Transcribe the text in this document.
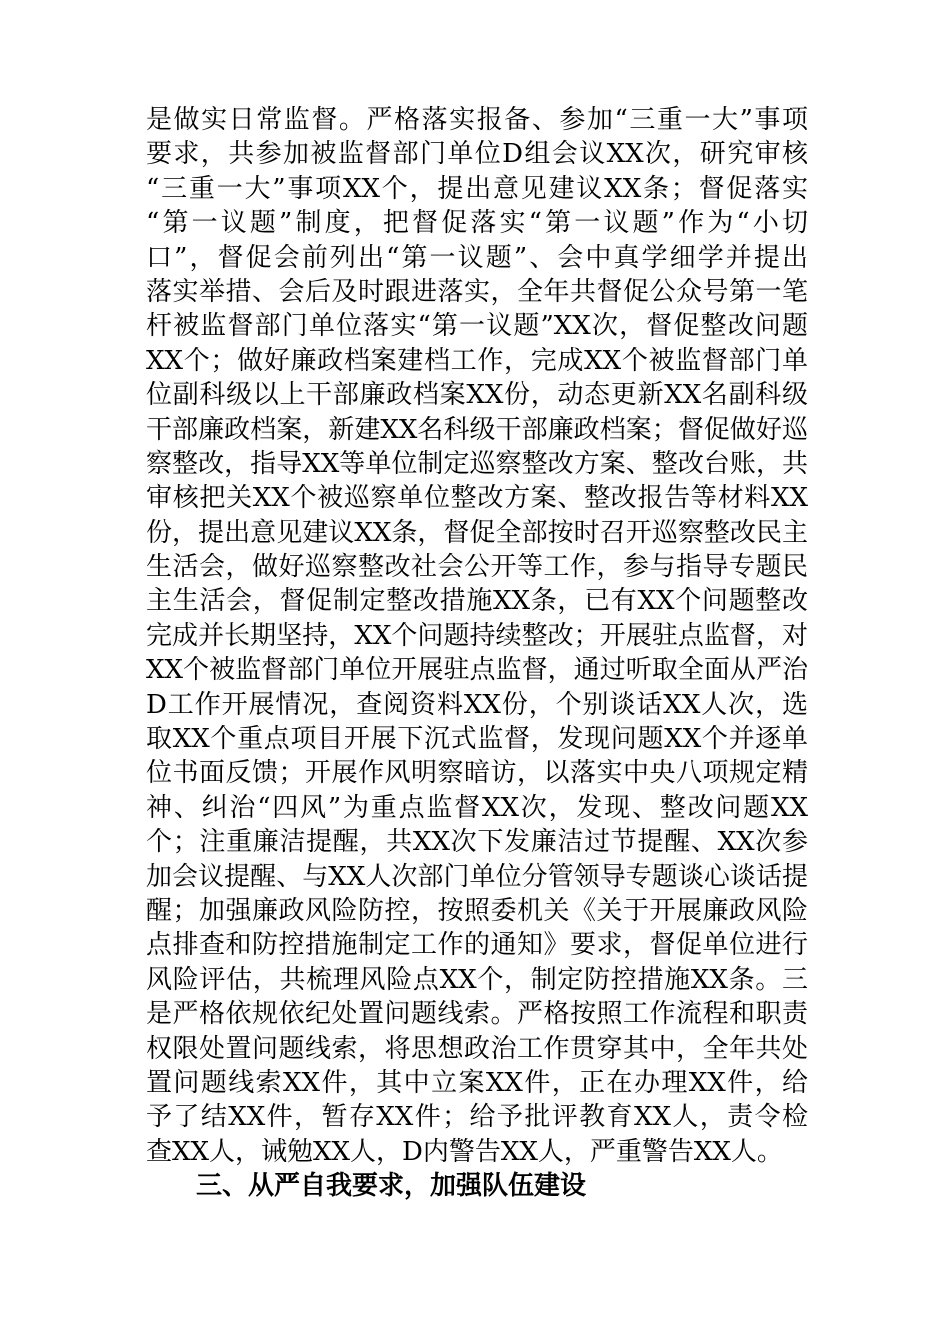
是做实日常监督。严格落实报备、参加“三重一大”事项
要求，共参加被监督部门单位D组会议XX次，研究审核
“三重一大”事项XX个，提出意见建议XX条；督促落实
“第一议题”制度，把督促落实“第一议题”作为“小切
口”，督促会前列出“第一议题”、会中真学细学并提出
落实举措、会后及时跟进落实，全年共督促公众号第一笔
杆被监督部门单位落实“第一议题”XX次，督促整改问题
XX个；做好廉政档案建档工作，完成XX个被监督部门单
位副科级以上干部廉政档案XX份，动态更新XX名副科级
干部廉政档案，新建XX名科级干部廉政档案；督促做好巡
察整改，指导XX等单位制定巡察整改方案、整改台账，共
审核把关XX个被巡察单位整改方案、整改报告等材料XX
份，提出意见建议XX条，督促全部按时召开巡察整改民主
生活会，做好巡察整改社会公开等工作，参与指导专题民
主生活会，督促制定整改措施XX条，已有XX个问题整改
完成并长期坚持，XX个问题持续整改；开展驻点监督，对
XX个被监督部门单位开展驻点监督，通过听取全面从严治
D工作开展情况，查阅资料XX份，个别谈话XX人次，选
取XX个重点项目开展下沉式监督，发现问题XX个并逐单
位书面反馈；开展作风明察暗访，以落实中央八项规定精
神、纠治“四风”为重点监督XX次，发现、整改问题XX
个；注重廉洁提醒，共XX次下发廉洁过节提醒、XX次参
加会议提醒、与XX人次部门单位分管领导专题谈心谈话提
醒；加强廉政风险防控，按照委机关《关于开展廉政风险
点排查和防控措施制定工作的通知》要求，督促单位进行
风险评估，共梳理风险点XX个，制定防控措施XX条。三
是严格依规依纪处置问题线索。严格按照工作流程和职责
权限处置问题线索，将思想政治工作贯穿其中，全年共处
置问题线索XX件，其中立案XX件，正在办理XX件，给
予了结XX件，暂存XX件；给予批评教育XX人，责令检
查XX人，诫勉XX人，D内警告XX人，严重警告XX人。
三、从严自我要求，加强队伍建设
